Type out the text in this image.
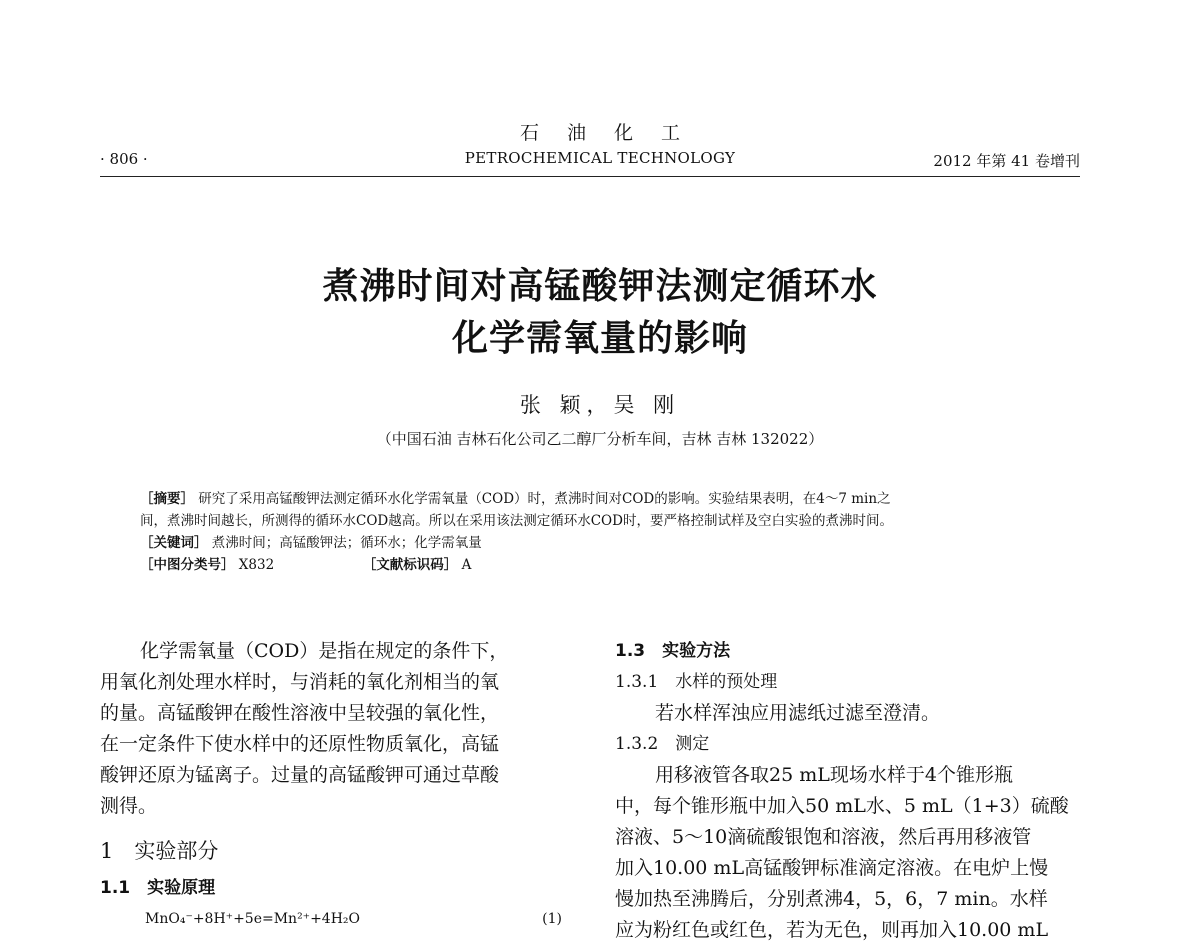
石油化工
· 806 ·	PETROCHEMICAL TECHNOLOGY	2012 年第 41 卷增刊
煮沸时间对高锰酸钾法测定循环水
化学需氧量的影响
张 颖，吴 刚
（中国石油 吉林石化公司乙二醇厂分析车间，吉林 吉林 132022）

［摘要］ 研究了采用高锰酸钾法测定循环水化学需氧量（COD）时，煮沸时间对COD的影响。实验结果表明，在4～7 min之

间，煮沸时间越长，所测得的循环水COD越高。所以在采用该法测定循环水COD时，要严格控制试样及空白实验的煮沸时间。

［关键词］ 煮沸时间；高锰酸钾法；循环水；化学需氧量

［中图分类号］ X832	［文献标识码］ A

化学需氧量（COD）是指在规定的条件下，

用氧化剂处理水样时，与消耗的氧化剂相当的氧

的量。高锰酸钾在酸性溶液中呈较强的氧化性，

在一定条件下使水样中的还原性物质氧化，高锰

酸钾还原为锰离子。过量的高锰酸钾可通过草酸

测得。

1　实验部分

1.1　实验原理

MnO₄⁻+8H⁺+5e=Mn²⁺+4H₂O	(1)

1.3　实验方法

1.3.1　水样的预处理

若水样浑浊应用滤纸过滤至澄清。

1.3.2　测定

用移液管各取25 mL现场水样于4个锥形瓶

中，每个锥形瓶中加入50 mL水、5 mL（1+3）硫酸

溶液、5～10滴硫酸银饱和溶液，然后再用移液管

加入10.00 mL高锰酸钾标准滴定溶液。在电炉上慢

慢加热至沸腾后，分别煮沸4，5，6，7 min。水样

应为粉红色或红色，若为无色，则再加入10.00 mL
